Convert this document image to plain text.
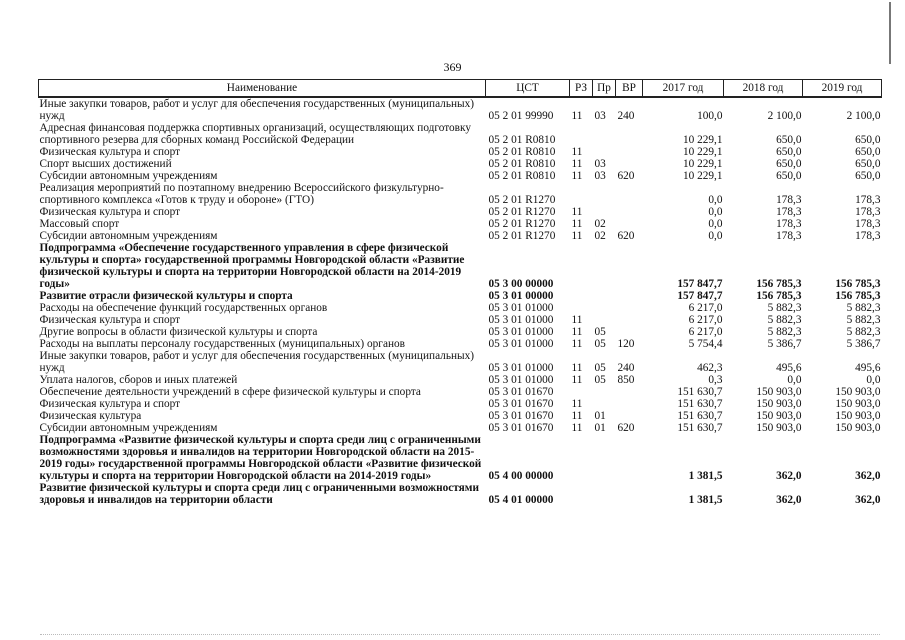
369
Наименование	ЦСТ	РЗ	Пр	ВР	2017 год	2018 год	2019 год
Иные закупки товаров, работ и услуг для обеспечения государственных (муниципальных) нужд	05 2 01 99990	11	03	240	100,0	2 100,0	2 100,0
Адресная финансовая поддержка спортивных организаций, осуществляющих подготовку спортивного резерва для сборных команд Российской Федерации	05 2 01 R0810				10 229,1	650,0	650,0
Физическая культура и спорт	05 2 01 R0810	11			10 229,1	650,0	650,0
Спорт высших достижений	05 2 01 R0810	11	03		10 229,1	650,0	650,0
Субсидии автономным учреждениям	05 2 01 R0810	11	03	620	10 229,1	650,0	650,0
Реализация мероприятий по поэтапному внедрению Всероссийского физкультурно-спортивного комплекса «Готов к труду и обороне» (ГТО)	05 2 01 R1270				0,0	178,3	178,3
Физическая культура и спорт	05 2 01 R1270	11			0,0	178,3	178,3
Массовый спорт	05 2 01 R1270	11	02		0,0	178,3	178,3
Субсидии автономным учреждениям	05 2 01 R1270	11	02	620	0,0	178,3	178,3
Подпрограмма «Обеспечение государственного управления в сфере физической культуры и спорта» государственной программы Новгородской области «Развитие физической культуры и спорта на территории Новгородской области на 2014-2019 годы»	05 3 00 00000				157 847,7	156 785,3	156 785,3
Развитие отрасли физической культуры и спорта	05 3 01 00000				157 847,7	156 785,3	156 785,3
Расходы на обеспечение функций государственных органов	05 3 01 01000				6 217,0	5 882,3	5 882,3
Физическая культура и спорт	05 3 01 01000	11			6 217,0	5 882,3	5 882,3
Другие вопросы в области физической культуры и спорта	05 3 01 01000	11	05		6 217,0	5 882,3	5 882,3
Расходы на выплаты персоналу государственных (муниципальных) органов	05 3 01 01000	11	05	120	5 754,4	5 386,7	5 386,7
Иные закупки товаров, работ и услуг для обеспечения государственных (муниципальных) нужд	05 3 01 01000	11	05	240	462,3	495,6	495,6
Уплата налогов, сборов и иных платежей	05 3 01 01000	11	05	850	0,3	0,0	0,0
Обеспечение деятельности учреждений в сфере физической культуры и спорта	05 3 01 01670				151 630,7	150 903,0	150 903,0
Физическая культура и спорт	05 3 01 01670	11			151 630,7	150 903,0	150 903,0
Физическая культура	05 3 01 01670	11	01		151 630,7	150 903,0	150 903,0
Субсидии автономным учреждениям	05 3 01 01670	11	01	620	151 630,7	150 903,0	150 903,0
Подпрограмма «Развитие физической культуры и спорта среди лиц с ограниченными возможностями здоровья и инвалидов на территории Новгородской области на 2015-2019 годы» государственной программы Новгородской области «Развитие физической культуры и спорта на территории Новгородской области на 2014-2019 годы»	05 4 00 00000				1 381,5	362,0	362,0
Развитие физической культуры и спорта среди лиц с ограниченными возможностями здоровья и инвалидов на территории области	05 4 01 00000				1 381,5	362,0	362,0
